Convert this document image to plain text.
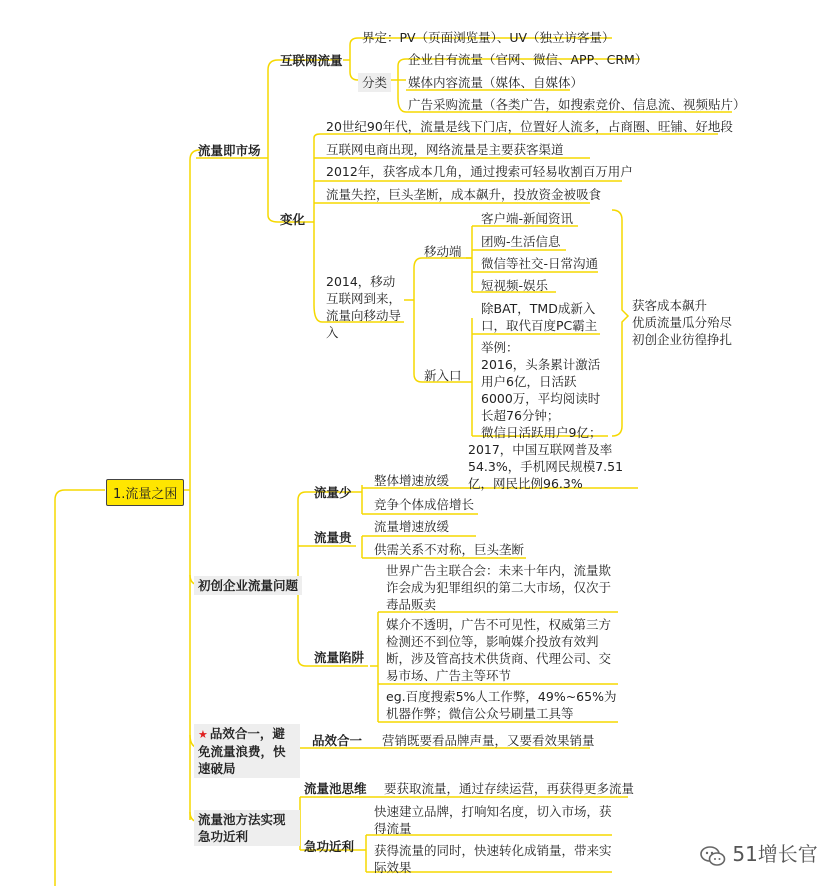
1.流量之困
流量即市场
互联网流量
界定：PV（页面浏览量）、UV（独立访客量）
分类
企业自有流量（官网、微信、APP、CRM）
媒体内容流量（媒体、自媒体）
广告采购流量（各类广告，如搜索竞价、信息流、视频贴片）
变化
20世纪90年代，流量是线下门店，位置好人流多，占商圈、旺铺、好地段
互联网电商出现，网络流量是主要获客渠道
2012年，获客成本几角，通过搜索可轻易收割百万用户
流量失控，巨头垄断，成本飙升，投放资金被吸食
2014，移动互联网到来，流量向移动导入
移动端
客户端-新闻资讯
团购-生活信息
微信等社交-日常沟通
短视频-娱乐
新入口
除BAT，TMD成新入口，取代百度PC霸主
举例：
2016，头条累计激活用户6亿，日活跃6000万，平均阅读时长超76分钟；
微信日活跃用户9亿；
获客成本飙升
优质流量瓜分殆尽
初创企业彷徨挣扎
初创企业流量问题
流量少
整体增速放缓
2017，中国互联网普及率54.3%，手机网民规模7.51亿，网民比例96.3%
竞争个体成倍增长
流量贵
流量增速放缓
供需关系不对称，巨头垄断
流量陷阱
世界广告主联合会：未来十年内，流量欺诈会成为犯罪组织的第二大市场，仅次于毒品贩卖
媒介不透明，广告不可见性，权威第三方检测还不到位等，影响媒介投放有效判断，涉及管高技术供货商、代理公司、交易市场、广告主等环节
eg.百度搜索5%人工作弊，49%~65%为机器作弊；微信公众号刷量工具等
★ 品效合一，避免流量浪费，快速破局
品效合一 营销既要看品牌声量，又要看效果销量
流量池方法实现急功近利
流量池思维 要获取流量，通过存续运营，再获得更多流量
急功近利
快速建立品牌，打响知名度，切入市场，获得流量
获得流量的同时，快速转化成销量，带来实际效果
51增长官
